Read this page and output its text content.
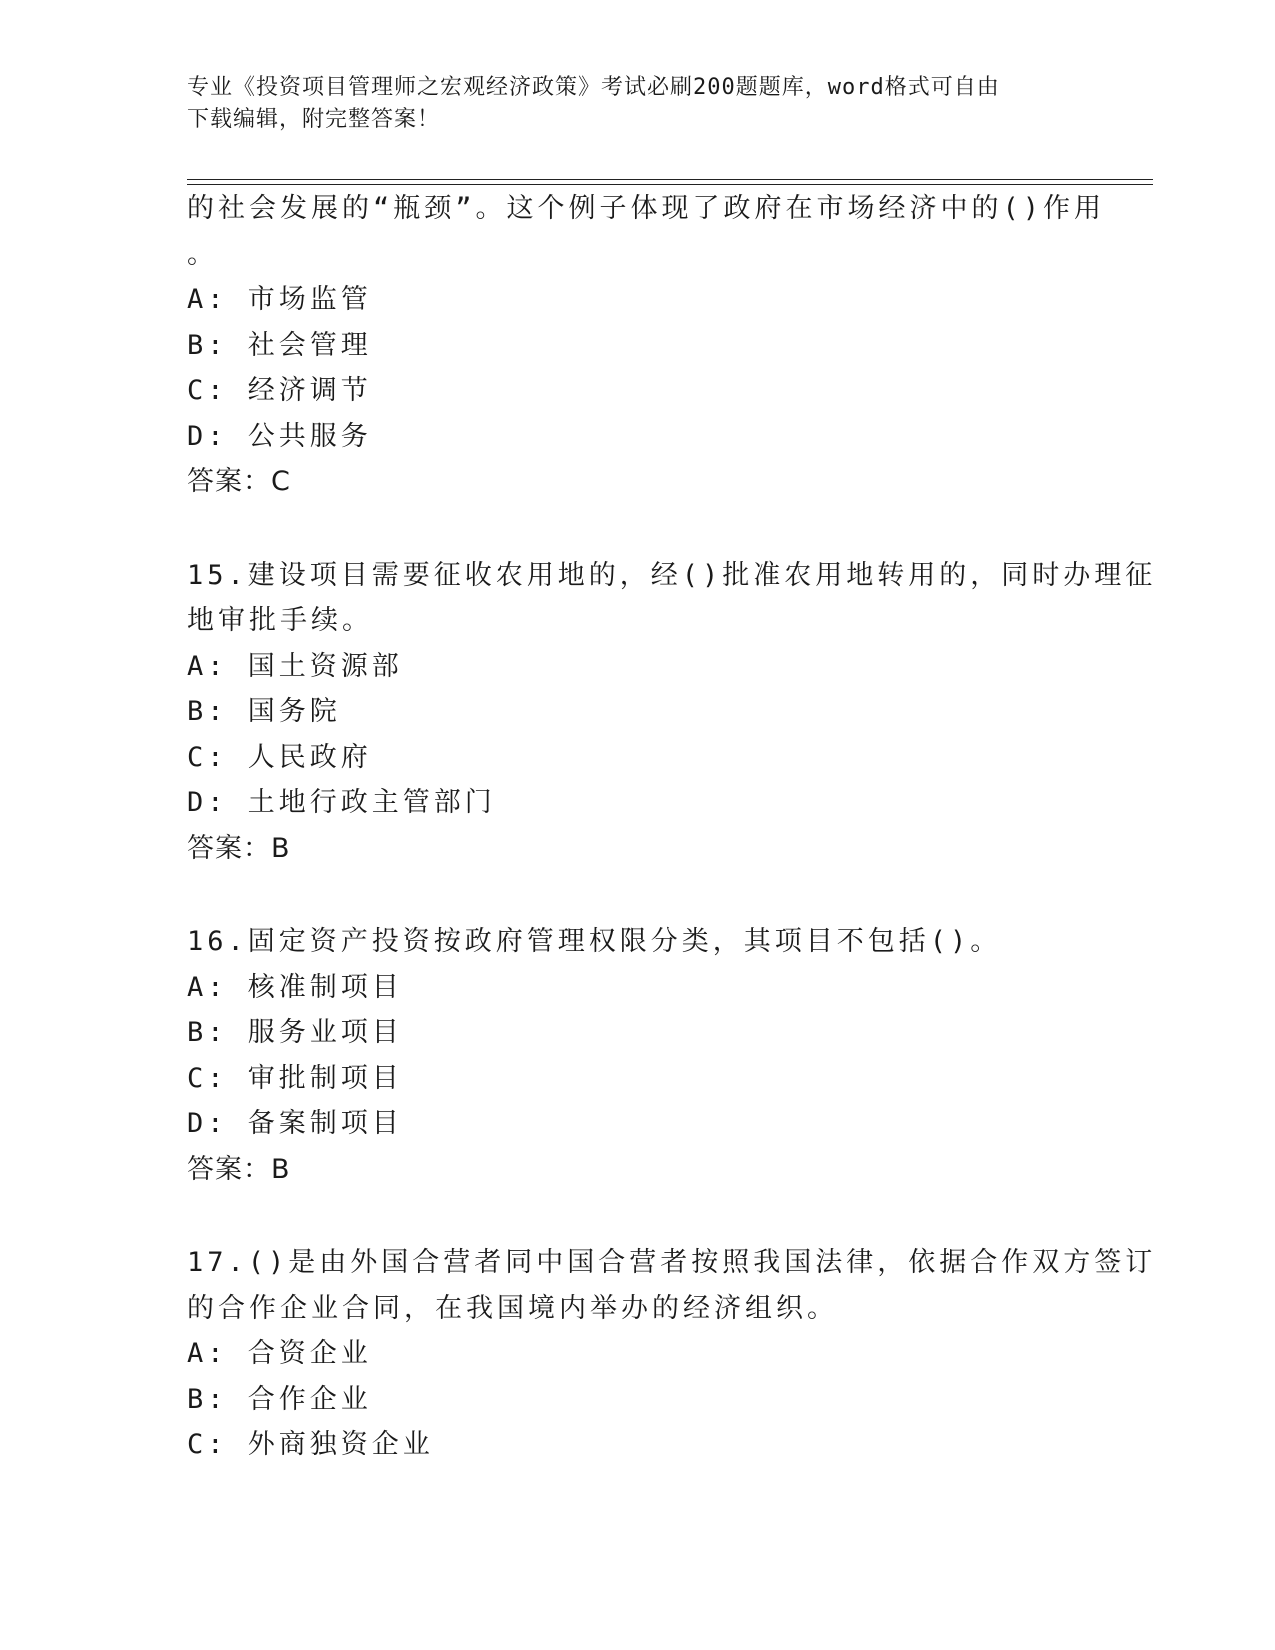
专业《投资项目管理师之宏观经济政策》考试必刷200题题库，word格式可自由
下载编辑，附完整答案！
的社会发展的“瓶颈”。这个例子体现了政府在市场经济中的()作用
。
A: 市场监管
B: 社会管理
C: 经济调节
D: 公共服务
答案：C
15.建设项目需要征收农用地的，经()批准农用地转用的，同时办理征
地审批手续。
A: 国土资源部
B: 国务院
C: 人民政府
D: 土地行政主管部门
答案：B
16.固定资产投资按政府管理权限分类，其项目不包括()。
A: 核准制项目
B: 服务业项目
C: 审批制项目
D: 备案制项目
答案：B
17.()是由外国合营者同中国合营者按照我国法律，依据合作双方签订
的合作企业合同，在我国境内举办的经济组织。
A: 合资企业
B: 合作企业
C: 外商独资企业
